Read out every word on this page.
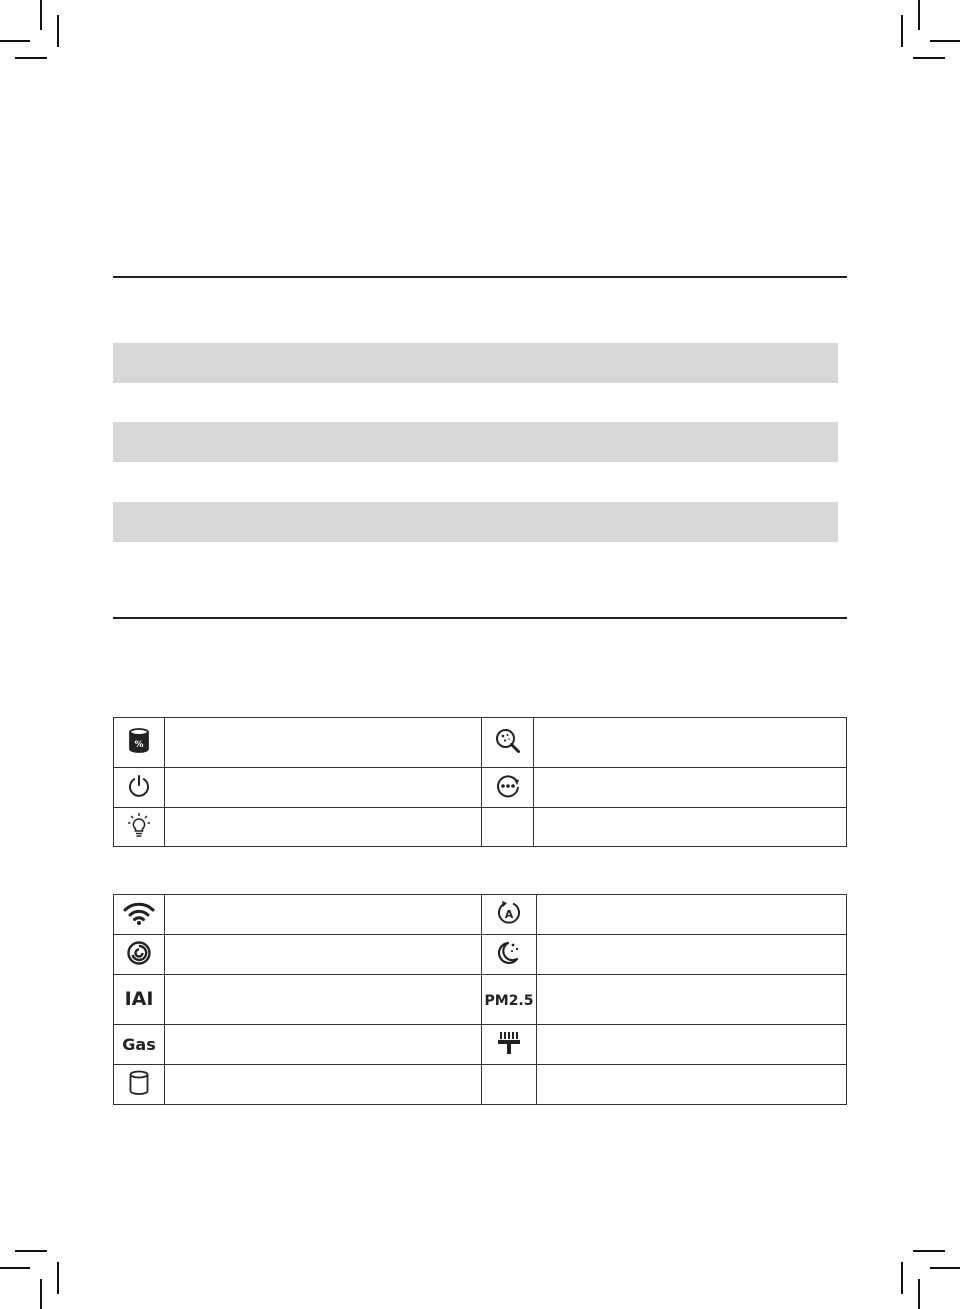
%

A	

IAI		PM2.5	
Gas		
